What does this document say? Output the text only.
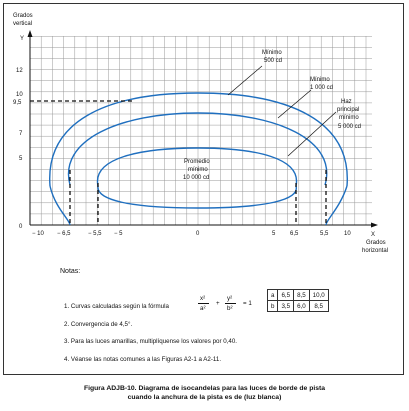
Grados
vertical
Y
X
Grados
horizontal
12
10
9,5
7
5
0
− 10 − 6,5	− 5,5 − 5	0	5 6,5	5,5	10
Mínimo
500 cd
Mínimo
1 000 cd
Haz
principal
mínimo
5 000 cd
Promedio
mínimo
10 000 cd
Notas:
1. Curvas calculadas según la fórmula
x²
a²
+
y²
b²
= 1
a	6,5	8,5	10,0
b	3,5	6,0	8,5
2. Convergencia de 4,5°.
3. Para las luces amarillas, multiplíquense los valores por 0,40.
4. Véanse las notas comunes a las Figuras A2-1 a A2-11.
Figura ADJB-10. Diagrama de isocandelas para las luces de borde de pista
cuando la anchura de la pista es de (luz blanca)
